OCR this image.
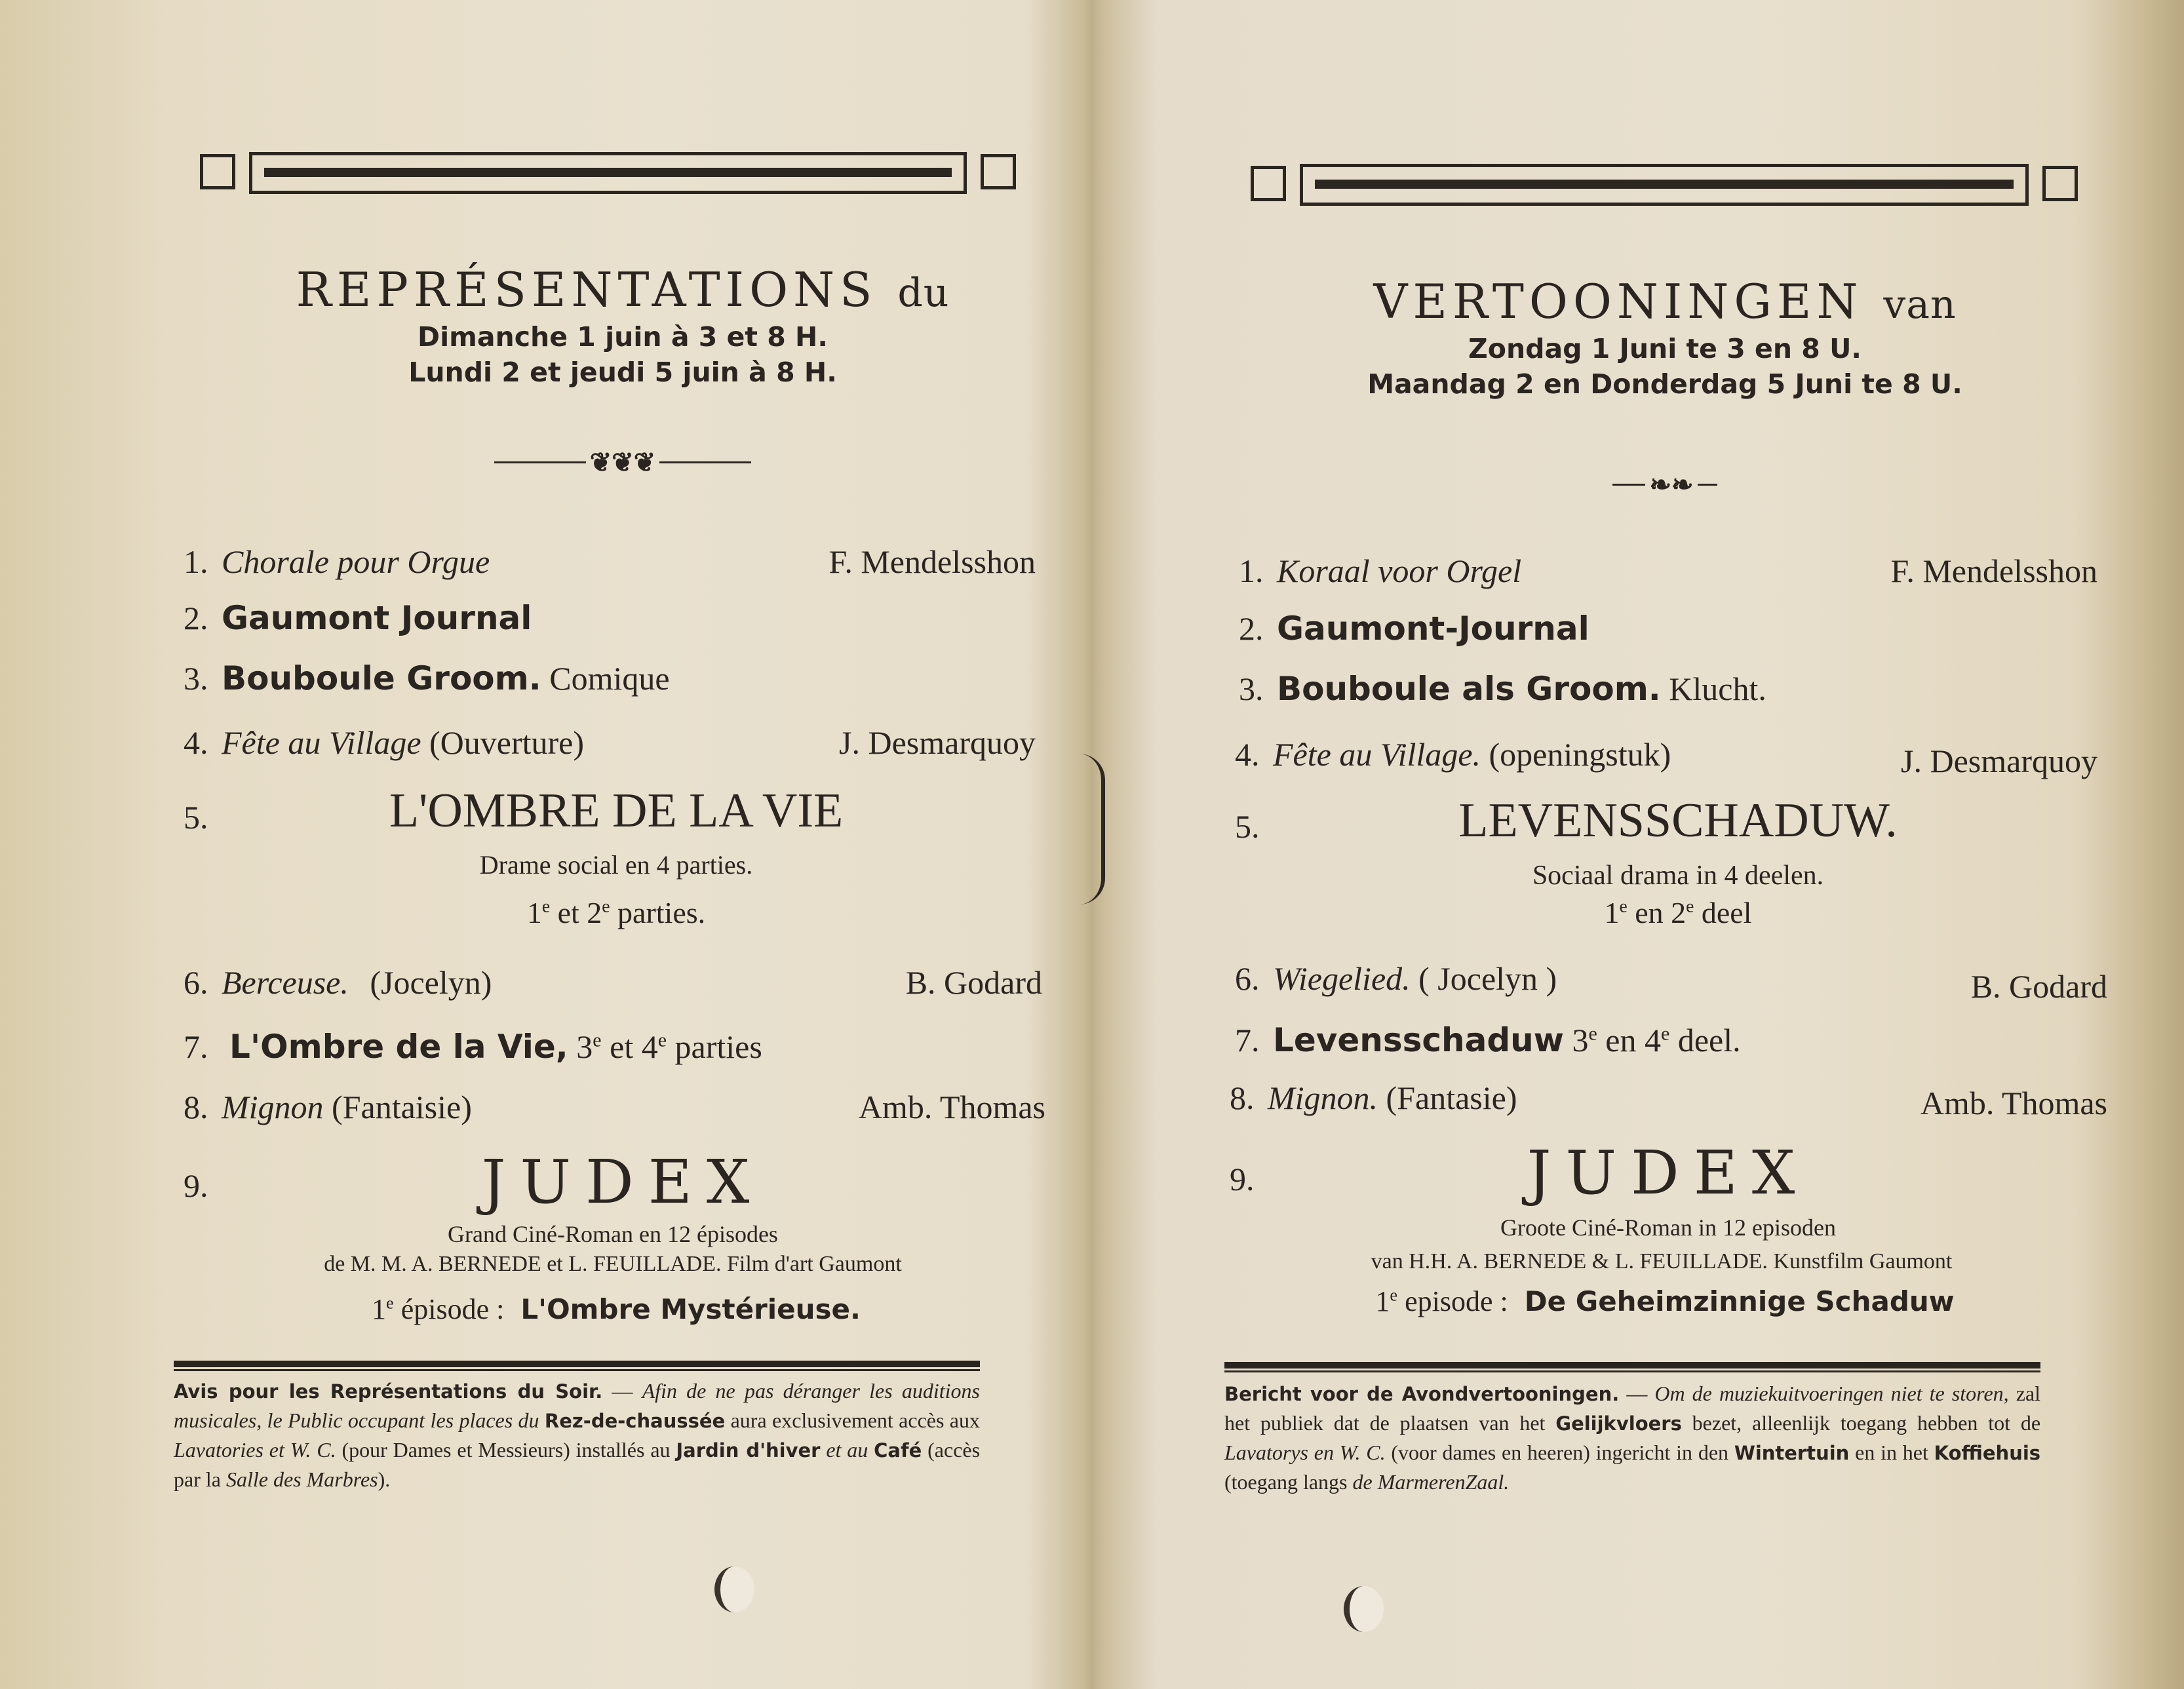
REPRÉSENTATIONS du
Dimanche 1 juin à 3 et 8 H.
Lundi 2 et jeudi 5 juin à 8 H.
❦❦❦
1. Chorale pour Orgue	F. Mendelsshon
2. Gaumont Journal
3. Bouboule Groom. Comique
4. Fête au Village (Ouverture)	J. Desmarquoy
5.	L'OMBRE DE LA VIE
Drame social en 4 parties.
1e et 2e parties.
6. Berceuse. (Jocelyn)	B. Godard
7. L'Ombre de la Vie, 3e et 4e parties
8. Mignon (Fantaisie)	Amb. Thomas
9.	JUDEX
Grand Ciné-Roman en 12 épisodes
de M. M. A. BERNEDE et L. FEUILLADE. Film d'art Gaumont
1e épisode : L'Ombre Mystérieuse.
Avis pour les Représentations du Soir. — Afin de ne pas déranger les auditions musicales, le Public occupant les places du Rez-de-chaussée aura exclusivement accès aux Lavatories et W. C. (pour Dames et Messieurs) installés au Jardin d'hiver et au Café (accès par la Salle des Marbres).
VERTOONINGEN van
Zondag 1 Juni te 3 en 8 U.
Maandag 2 en Donderdag 5 Juni te 8 U.
❧❧
1. Koraal voor Orgel	F. Mendelsshon
2. Gaumont-Journal
3. Bouboule als Groom. Klucht.
4. Fête au Village. (openingstuk)	J. Desmarquoy
5.	LEVENSSCHADUW.
Sociaal drama in 4 deelen.
1e en 2e deel
6. Wiegelied. ( Jocelyn )	B. Godard
7. Levensschaduw 3e en 4e deel.
8. Mignon. (Fantasie)	Amb. Thomas
9.	JUDEX
Groote Ciné-Roman in 12 episoden
van H.H. A. BERNEDE & L. FEUILLADE. Kunstfilm Gaumont
1e episode : De Geheimzinnige Schaduw
Bericht voor de Avondvertooningen. — Om de muziekuitvoeringen niet te storen, zal het publiek dat de plaatsen van het Gelijkvloers bezet, alleenlijk toegang hebben tot de Lavatorys en W. C. (voor dames en heeren) ingericht in den Wintertuin en in het Koffiehuis (toegang langs de MarmerenZaal.
